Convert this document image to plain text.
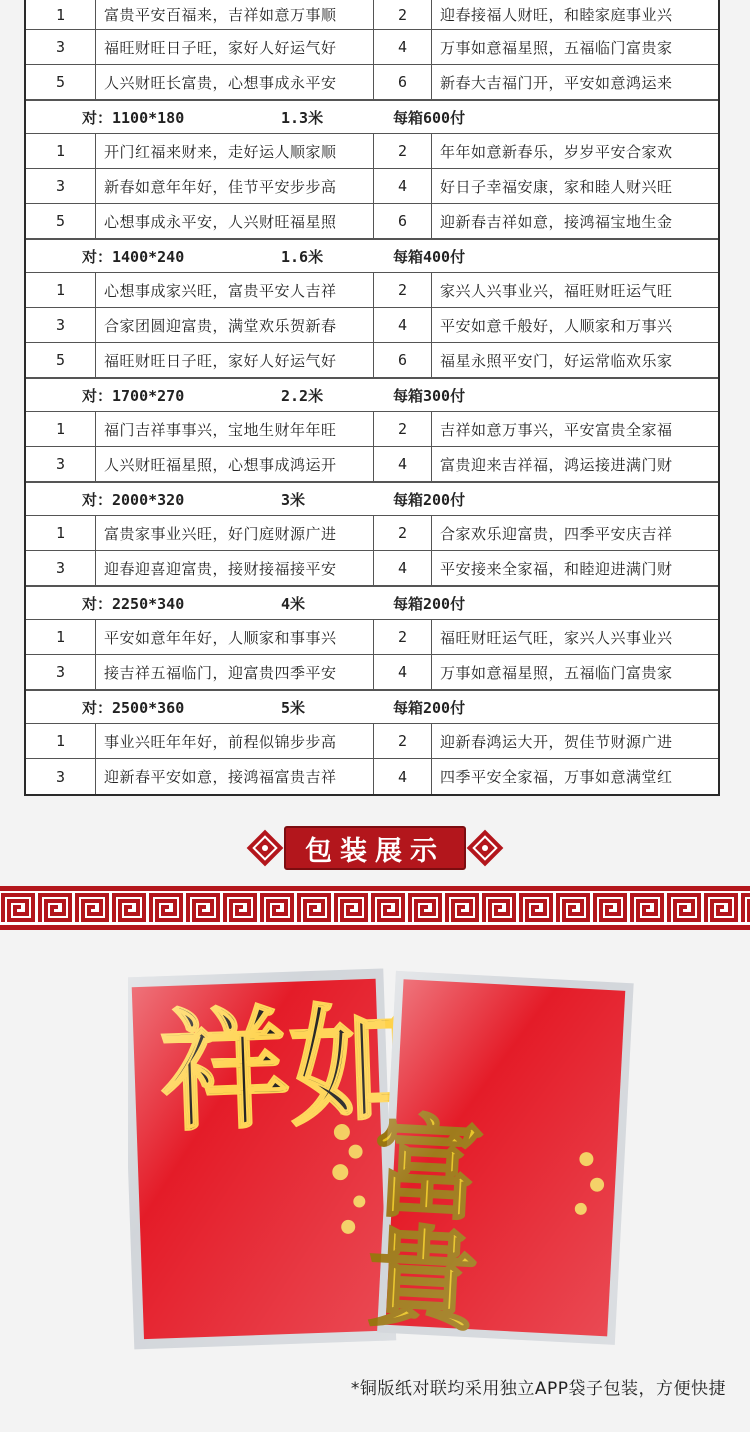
1	富贵平安百福来，吉祥如意万事顺	2	迎春接福人财旺，和睦家庭事业兴
3	福旺财旺日子旺，家好人好运气好	4	万事如意福星照，五福临门富贵家
5	人兴财旺长富贵，心想事成永平安	6	新春大吉福门开，平安如意鸿运来
对：1100*180	1.3米	每箱600付
1	开门红福来财来，走好运人顺家顺	2	年年如意新春乐，岁岁平安合家欢
3	新春如意年年好，佳节平安步步高	4	好日子幸福安康，家和睦人财兴旺
5	心想事成永平安，人兴财旺福星照	6	迎新春吉祥如意，接鸿福宝地生金
对：1400*240	1.6米	每箱400付
1	心想事成家兴旺，富贵平安人吉祥	2	家兴人兴事业兴，福旺财旺运气旺
3	合家团圆迎富贵，满堂欢乐贺新春	4	平安如意千般好，人顺家和万事兴
5	福旺财旺日子旺，家好人好运气好	6	福星永照平安门，好运常临欢乐家
对：1700*270	2.2米	每箱300付
1	福门吉祥事事兴，宝地生财年年旺	2	吉祥如意万事兴，平安富贵全家福
3	人兴财旺福星照，心想事成鸿运开	4	富贵迎来吉祥福，鸿运接进满门财
对：2000*320	3米	每箱200付
1	富贵家事业兴旺，好门庭财源广进	2	合家欢乐迎富贵，四季平安庆吉祥
3	迎春迎喜迎富贵，接财接福接平安	4	平安接来全家福，和睦迎进满门财
对：2250*340	4米	每箱200付
1	平安如意年年好，人顺家和事事兴	2	福旺财旺运气旺，家兴人兴事业兴
3	接吉祥五福临门，迎富贵四季平安	4	万事如意福星照，五福临门富贵家
对：2500*360	5米	每箱200付
1	事业兴旺年年好，前程似锦步步高	2	迎新春鸿运大开，贺佳节财源广进
3	迎新春平安如意，接鸿福富贵吉祥	4	四季平安全家福，万事如意满堂红
包装展示
*铜版纸对联均采用独立APP袋子包装，方便快捷
